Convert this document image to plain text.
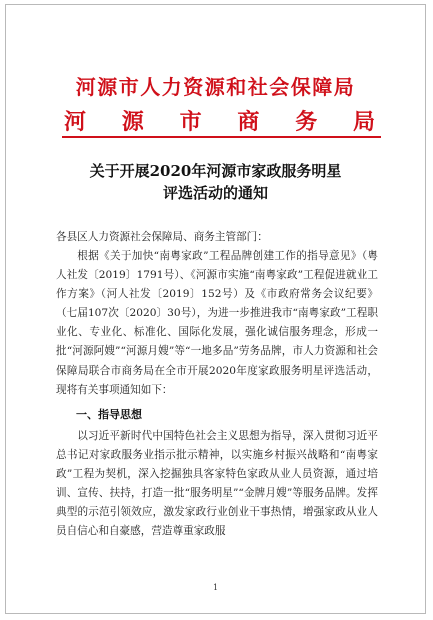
河源市人力资源和社会保障局
河 源 市 商 务 局
关于开展2020年河源市家政服务明星
评选活动的通知
各县区人力资源社会保障局、商务主管部门：
根据《关于加快“南粤家政”工程品牌创建工作的指导意见》（粤人社发〔2019〕1791号）、《河源市实施“南粤家政”工程促进就业工作方案》（河人社发〔2019〕152号）及《市政府常务会议纪要》（七届107次〔2020〕30号），为进一步推进我市“南粤家政”工程职业化、专业化、标准化、国际化发展，强化诚信服务理念，形成一批“河源阿嫂”“河源月嫂”等“一地多品”劳务品牌，市人力资源和社会保障局联合市商务局在全市开展2020年度家政服务明星评选活动，现将有关事项通知如下：
一、指导思想
以习近平新时代中国特色社会主义思想为指导，深入贯彻习近平总书记对家政服务业指示批示精神，以实施乡村振兴战略和“南粤家政”工程为契机，深入挖掘独具客家特色家政从业人员资源，通过培训、宣传、扶持，打造一批“服务明星”“金牌月嫂”等服务品牌。发挥典型的示范引领效应，激发家政行业创业干事热情，增强家政从业人员自信心和自豪感，营造尊重家政服
1
